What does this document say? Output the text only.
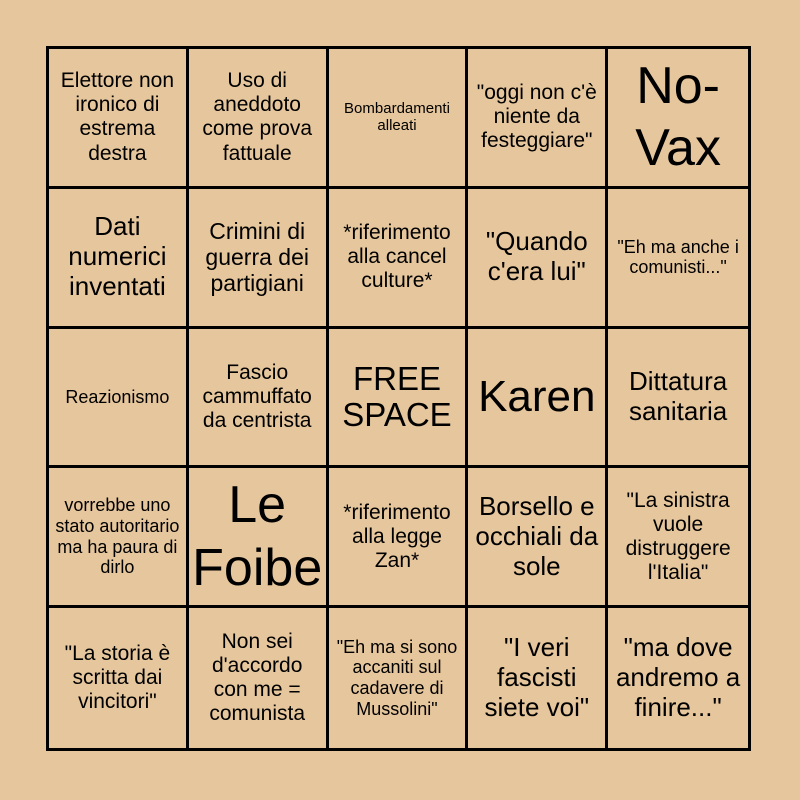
Elettore non ironico di estrema destra
Uso di aneddoto come prova fattuale
Bombardamenti alleati
"oggi non c'è niente da festeggiare"
No-Vax
Dati numerici inventati
Crimini di guerra dei partigiani
*riferimento alla cancel culture*
"Quando c'era lui"
"Eh ma anche i comunisti..."
Reazionismo
Fascio cammuffato da centrista
FREE SPACE Karen	Dittatura sanitaria
vorrebbe uno stato autoritario ma ha paura di dirlo
Le Foibe
*riferimento alla legge Zan*
Borsello e occhiali da sole
"La sinistra vuole distruggere l'Italia"
"La storia è scritta dai vincitori"
Non sei d'accordo con me = comunista
"Eh ma si sono accaniti sul cadavere di Mussolini"
"I veri fascisti siete voi"
"ma dove andremo a finire..."
